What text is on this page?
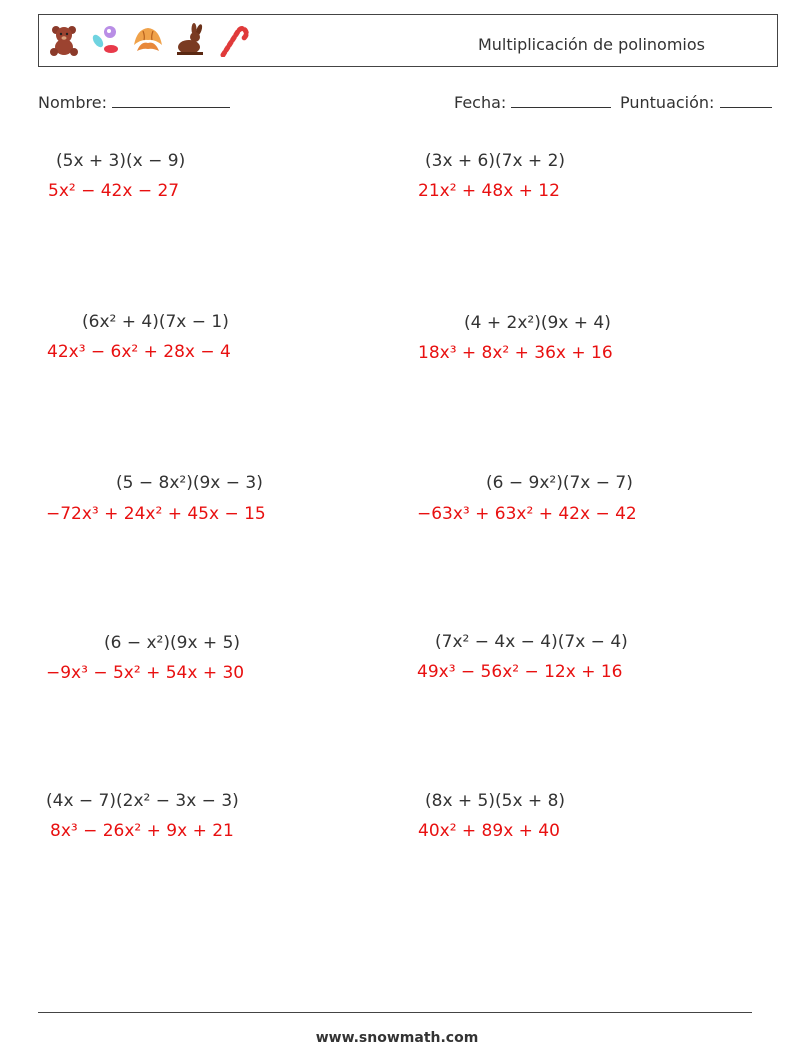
Multiplicación de polinomios
Nombre:	Fecha:	Puntuación:
(5x + 3)(x − 9)
5x² − 42x − 27
(6x² + 4)(7x − 1)
42x³ − 6x² + 28x − 4
(5 − 8x²)(9x − 3)
−72x³ + 24x² + 45x − 15
(6 − x²)(9x + 5)
−9x³ − 5x² + 54x + 30
(4x − 7)(2x² − 3x − 3)
8x³ − 26x² + 9x + 21
(3x + 6)(7x + 2)
21x² + 48x + 12
(4 + 2x²)(9x + 4)
18x³ + 8x² + 36x + 16
(6 − 9x²)(7x − 7)
−63x³ + 63x² + 42x − 42
(7x² − 4x − 4)(7x − 4)
49x³ − 56x² − 12x + 16
(8x + 5)(5x + 8)
40x² + 89x + 40
www.snowmath.com
